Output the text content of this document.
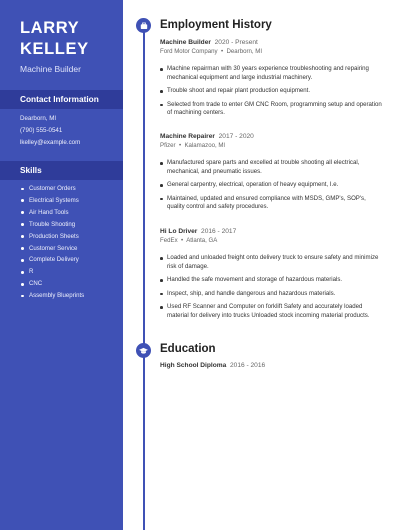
LARRY
KELLEY
Machine Builder
Contact Information
Dearborn, MI
(790) 555-0541
lkelley@example.com
Skills
Customer Orders
Electrical Systems
Air Hand Tools
Trouble Shooting
Production Sheets
Customer Service
Complete Delivery
R
CNC
Assembly Blueprints
Employment History
Machine Builder 2020 - Present
Ford Motor Company  •  Dearborn, MI
Machine repairman with 30 years experience troubleshooting and repairing mechanical equipment and large industrial machinery.
Trouble shoot and repair plant production equipment.
Selected from trade to enter GM CNC Room, programming setup and operation of machining centers.
Machine Repairer 2017 - 2020
Pfizer  •  Kalamazoo, MI
Manufactured spare parts and excelled at trouble shooting all electrical, mechanical, and pneumatic issues.
General carpentry, electrical, operation of heavy equipment, I.e.
Maintained, updated and ensured compliance with MSDS, GMP's, SOP's, quality control and safety procedures.
Hi Lo Driver 2016 - 2017
FedEx  •  Atlanta, GA
Loaded and unloaded freight onto delivery truck to ensure safety and minimize risk of damage.
Handled the safe movement and storage of hazardous materials.
Inspect, ship, and handle dangerous and hazardous materials.
Used RF Scanner and Computer on forklift Safety and accurately loaded material for delivery into trucks Unloaded stock incoming material products.
Education
High School Diploma 2016 - 2016
